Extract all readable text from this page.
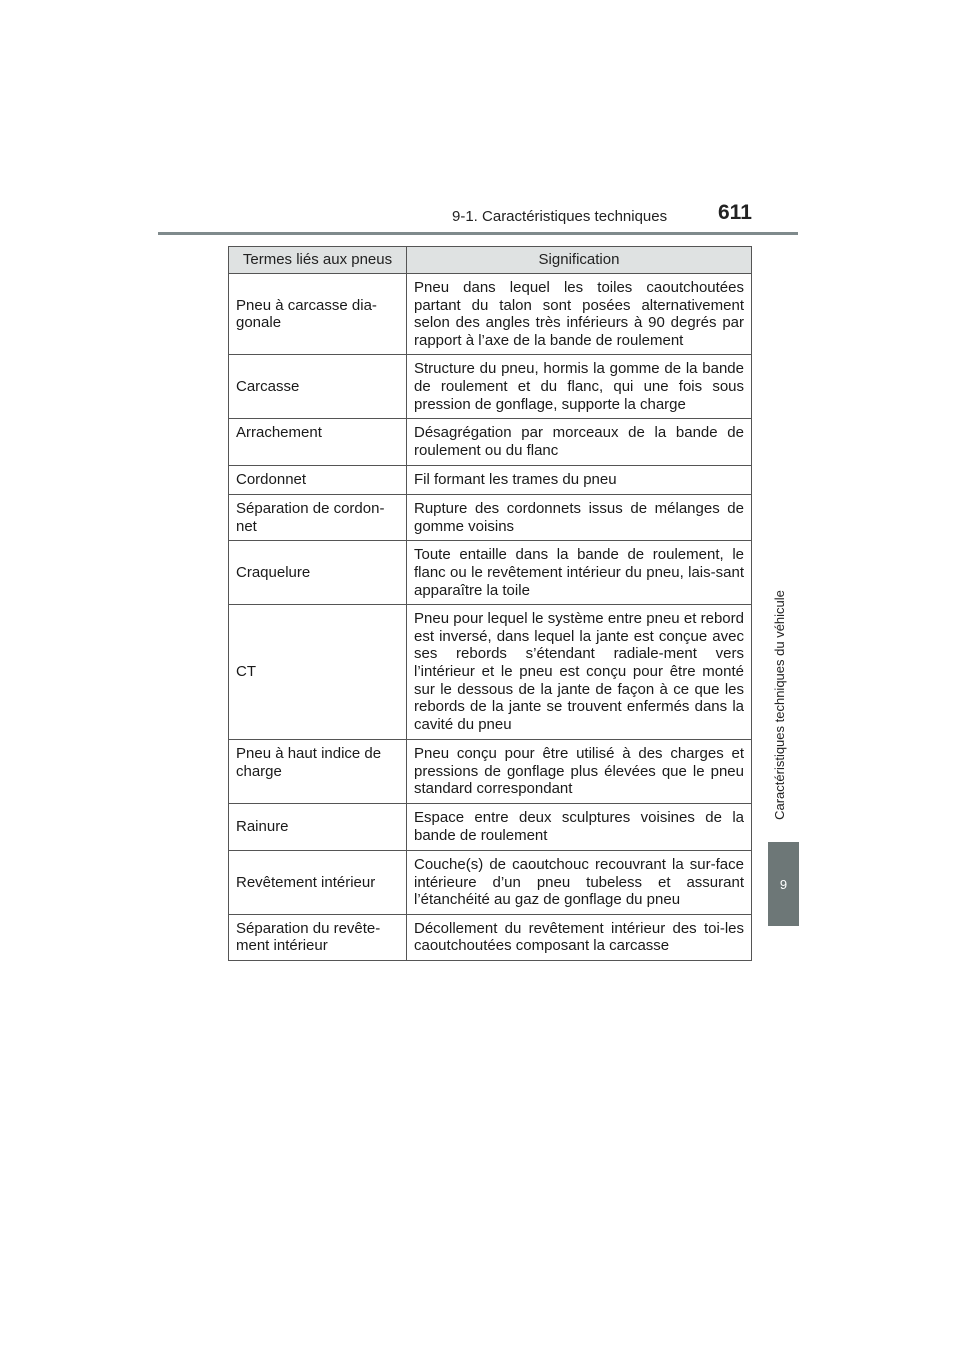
9-1. Caractéristiques techniques 611
Caractéristiques techniques du véhicule
9
Termes liés aux pneus	Signification
Pneu à carcasse dia-gonale	Pneu dans lequel les toiles caoutchoutées partant du talon sont posées alternativement selon des angles très inférieurs à 90 degrés par rapport à l’axe de la bande de roulement
Carcasse	Structure du pneu, hormis la gomme de la bande de roulement et du flanc, qui une fois sous pression de gonflage, supporte la charge
Arrachement	Désagrégation par morceaux de la bande de roulement ou du flanc
Cordonnet	Fil formant les trames du pneu
Séparation de cordon-net	Rupture des cordonnets issus de mélanges de gomme voisins
Craquelure	Toute entaille dans la bande de roulement, le flanc ou le revêtement intérieur du pneu, lais-sant apparaître la toile
CT	Pneu pour lequel le système entre pneu et rebord est inversé, dans lequel la jante est conçue avec ses rebords s’étendant radiale-ment vers l’intérieur et le pneu est conçu pour être monté sur le dessous de la jante de façon à ce que les rebords de la jante se trouvent enfermés dans la cavité du pneu
Pneu à haut indice de charge	Pneu conçu pour être utilisé à des charges et pressions de gonflage plus élevées que le pneu standard correspondant
Rainure	Espace entre deux sculptures voisines de la bande de roulement
Revêtement intérieur	Couche(s) de caoutchouc recouvrant la sur-face intérieure d’un pneu tubeless et assurant l’étanchéité au gaz de gonflage du pneu
Séparation du revête-ment intérieur	Décollement du revêtement intérieur des toi-les caoutchoutées composant la carcasse
